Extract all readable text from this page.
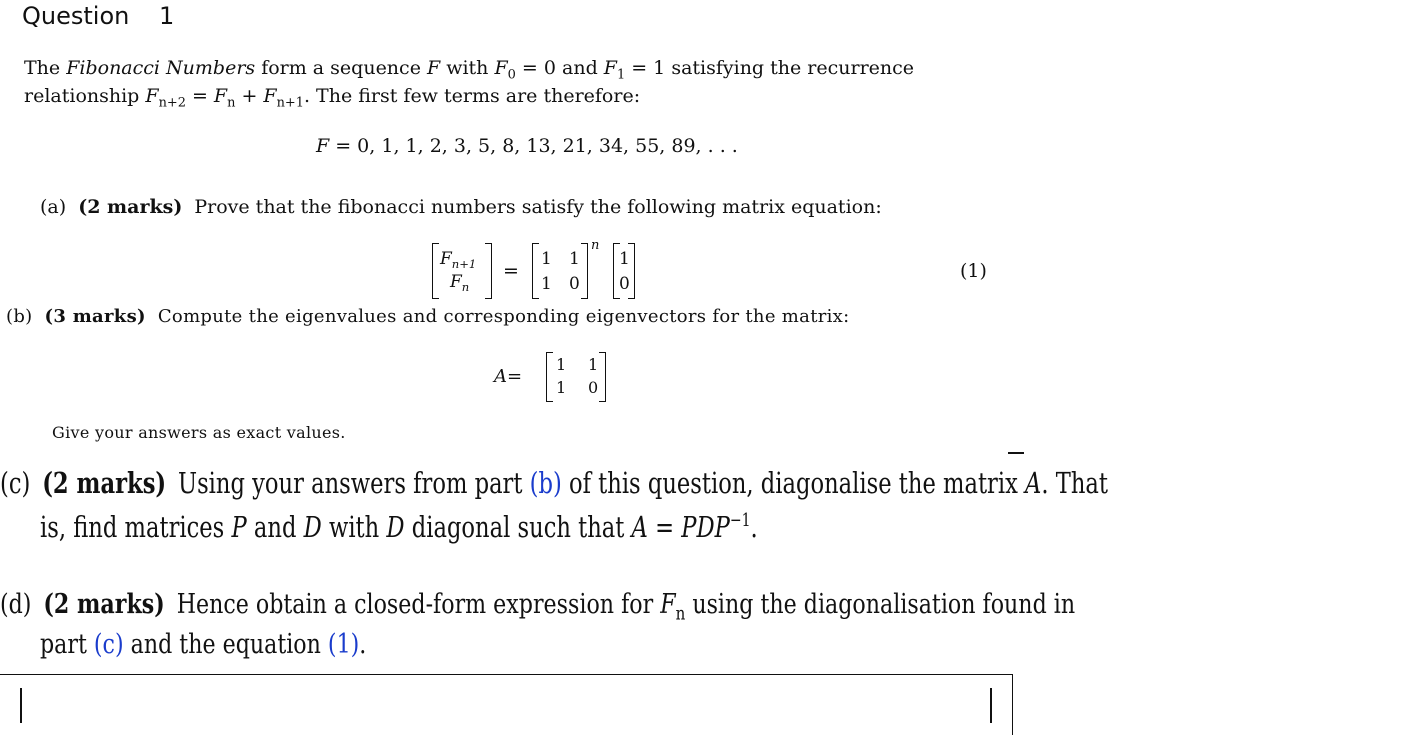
Question 1
The Fibonacci Numbers form a sequence F with $F_0 = 0$ and $F_1 = 1$ satisfying the recurrence
relationship $F_{n+2} = F_n + F_{n+1}$. The first few terms are therefore:
F = 0, 1, 1, 2, 3, 5, 8, 13, 21, 34, 55, 89, . . .
(a) (2 marks) Prove that the fibonacci numbers satisfy the following matrix equation:
$F_{n+1}$
$F_n$
=
1 1
1 0
n
1
0
(1)
(b) (3 marks) Compute the eigenvalues and corresponding eigenvectors for the matrix:
A=
1 1
1 0
Give your answers as exact values.
(c) (2 marks) Using your answers from part (b) of this question, diagonalise the matrix A. That
is, find matrices P and D with D diagonal such that $A = PDP^{-1}$.
(d) (2 marks) Hence obtain a closed-form expression for $F_n$ using the diagonalisation found in
part (c) and the equation (1).
